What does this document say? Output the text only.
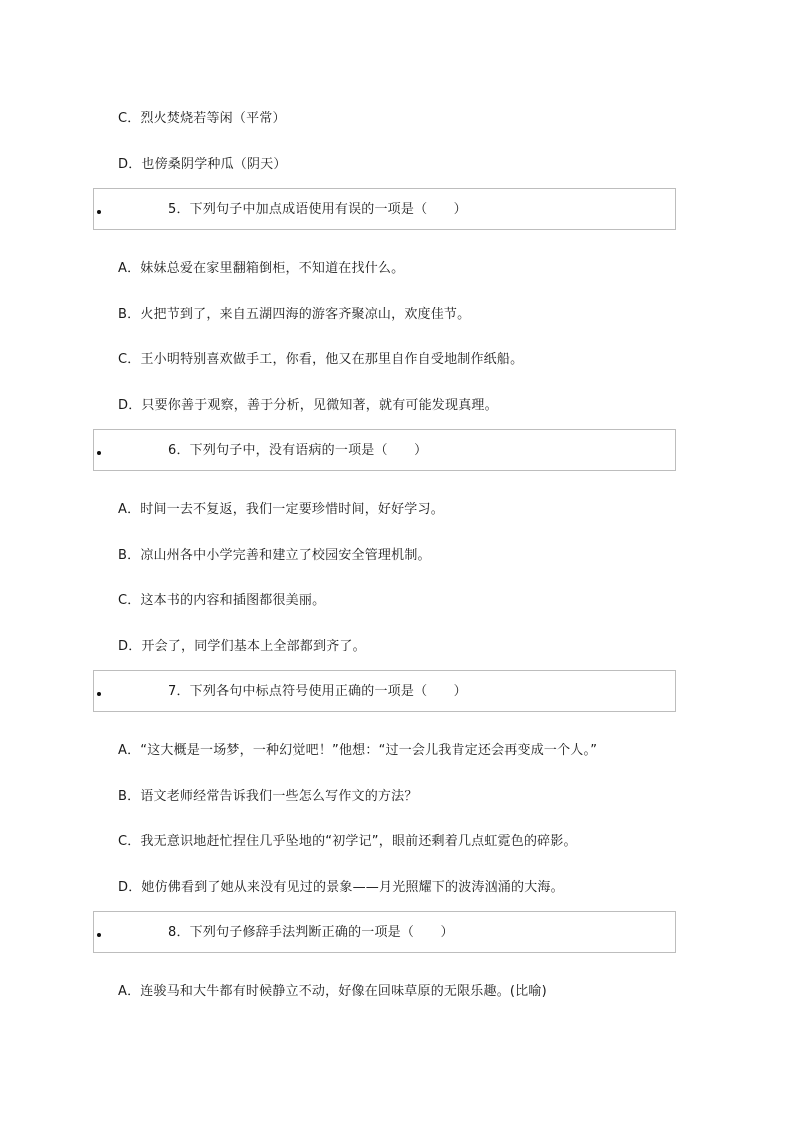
C．烈火焚烧若等闲（平常）
D．也傍桑阴学种瓜（阴天）
5．下列句子中加点成语使用有误的一项是（　　）
A．妹妹总爱在家里翻箱倒柜，不知道在找什么。
B．火把节到了，来自五湖四海的游客齐聚凉山，欢度佳节。
C．王小明特别喜欢做手工，你看，他又在那里自作自受地制作纸船。
D．只要你善于观察，善于分析，见微知著，就有可能发现真理。
6．下列句子中，没有语病的一项是（　　）
A．时间一去不复返，我们一定要珍惜时间，好好学习。
B．凉山州各中小学完善和建立了校园安全管理机制。
C．这本书的内容和插图都很美丽。
D．开会了，同学们基本上全部都到齐了。
7．下列各句中标点符号使用正确的一项是（　　）
A．“这大概是一场梦，一种幻觉吧！”他想：“过一会儿我肯定还会再变成一个人。”
B．语文老师经常告诉我们一些怎么写作文的方法？
C．我无意识地赶忙捏住几乎坠地的“初学记”，眼前还剩着几点虹霓色的碎影。
D．她仿佛看到了她从来没有见过的景象——月光照耀下的波涛汹涌的大海。
8．下列句子修辞手法判断正确的一项是（　　）
A．连骏马和大牛都有时候静立不动，好像在回味草原的无限乐趣。(比喻)
